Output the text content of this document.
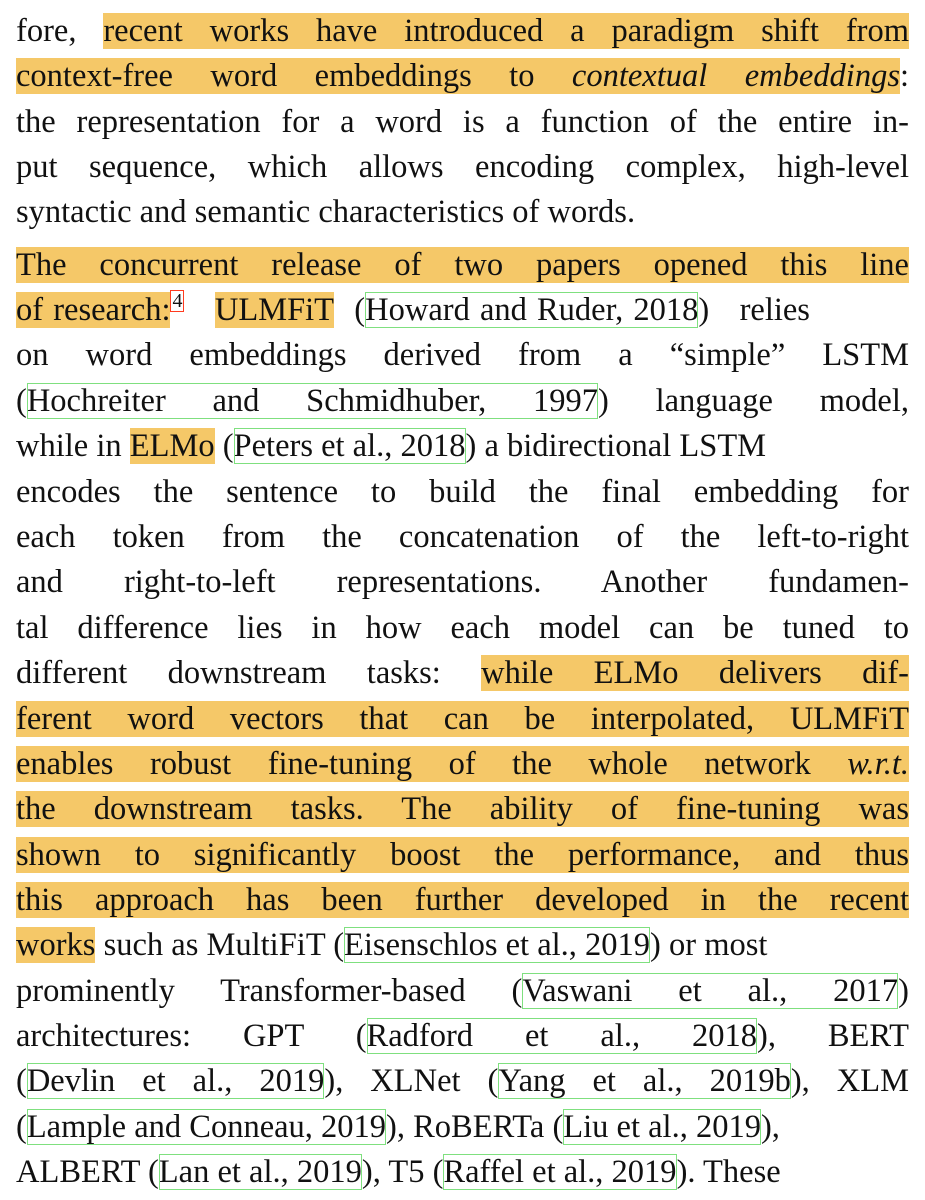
fore, recent works have introduced a paradigm shift from
context-free word embeddings to contextual embeddings:
the representation for a word is a function of the entire in-
put sequence, which allows encoding complex, high-level
syntactic and semantic characteristics of words.
The concurrent release of two papers opened this line
of research: $^4$ ULMFiT  (Howard and Ruder, 2018)   relies
on word embeddings derived from a “simple” LSTM
(Hochreiter and Schmidhuber, 1997) language model,
while in ELMo (Peters et al., 2018) a bidirectional LSTM
encodes the sentence to build the final embedding for
each token from the concatenation of the left-to-right
and right-to-left representations. Another fundamen-
tal difference lies in how each model can be tuned to
different downstream tasks: while ELMo delivers dif-
ferent word vectors that can be interpolated, ULMFiT
enables robust fine-tuning of the whole network w.r.t.
the downstream tasks. The ability of fine-tuning was
shown to significantly boost the performance, and thus
this approach has been further developed in the recent
works such as MultiFiT (Eisenschlos et al., 2019) or most
prominently Transformer-based (Vaswani et al., 2017)
architectures: GPT (Radford et al., 2018), BERT
(Devlin et al., 2019), XLNet (Yang et al., 2019b), XLM
(Lample and Conneau, 2019), RoBERTa (Liu et al., 2019),
ALBERT (Lan et al., 2019), T5 (Raffel et al., 2019). These
